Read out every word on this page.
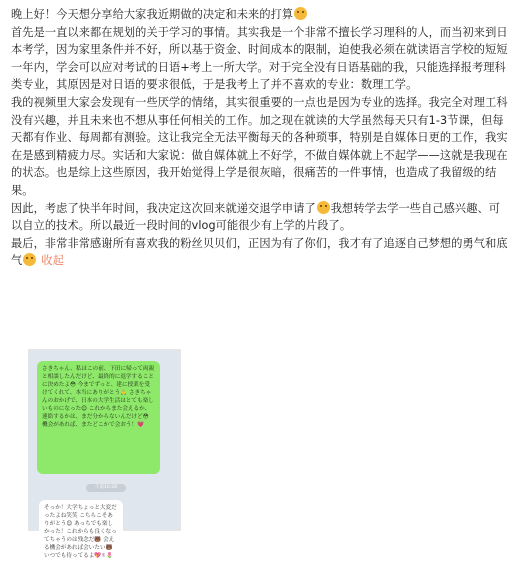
晚上好！今天想分享给大家我近期做的决定和未来的打算

首先是一直以来都在规划的关于学习的事情。其实我是一个非常不擅长学习理科的人，而当初来到日本考学，因为家里条件并不好，所以基于资金、时间成本的限制，迫使我必须在就读语言学校的短短一年内，学会可以应对考试的日语+考上一所大学。对于完全没有日语基础的我，只能选择报考理科类专业，其原因是对日语的要求很低，于是我考上了并不喜欢的专业：数理工学。

我的视频里大家会发现有一些厌学的情绪，其实很重要的一点也是因为专业的选择。我完全对理工科没有兴趣，并且未来也不想从事任何相关的工作。加之现在就读的大学虽然每天只有1-3节课，但每天都有作业、每周都有测验。这让我完全无法平衡每天的各种琐事，特别是自媒体日更的工作，我实在是感到精疲力尽。实话和大家说：做自媒体就上不好学，不做自媒体就上不起学——这就是我现在的状态。也是综上这些原因，我开始觉得上学是很灰暗，很痛苦的一件事情，也造成了我留级的结果。

因此，考虑了快半年时间，我决定这次回来就递交退学申请了 我想转学去学一些自己感兴趣、可以自立的技术。所以最近一段时间的vlog可能很少有上学的片段了。

最后，非常非常感谢所有喜欢我的粉丝贝贝们，正因为有了你们，我才有了追逐自己梦想的勇气和底气 收起

さきちゃん、私はこの前、下田に帰って両親と相談したんだけど、最終的に退学することに決めたよ😳 今までずっと、建に授業を受けてくれて、本当にありがとう🙏 さきちゃんのおかげで、日本の大学生活はとても楽しいものになった😊 これからまた会えるか、連絡するかは、まだ分からないんだけど😳 機会があれば、またどこかで会おう！💗
午前10:28
そっか！大学ちょっと大変だったよね笑笑 こちらこそありがとう😊 あっちでも楽しかった！これからも良くなってちゃうのは残念だ🐻 会える機会があれば会いたい🐻 いつでも待ってるよ💖✌🌷
